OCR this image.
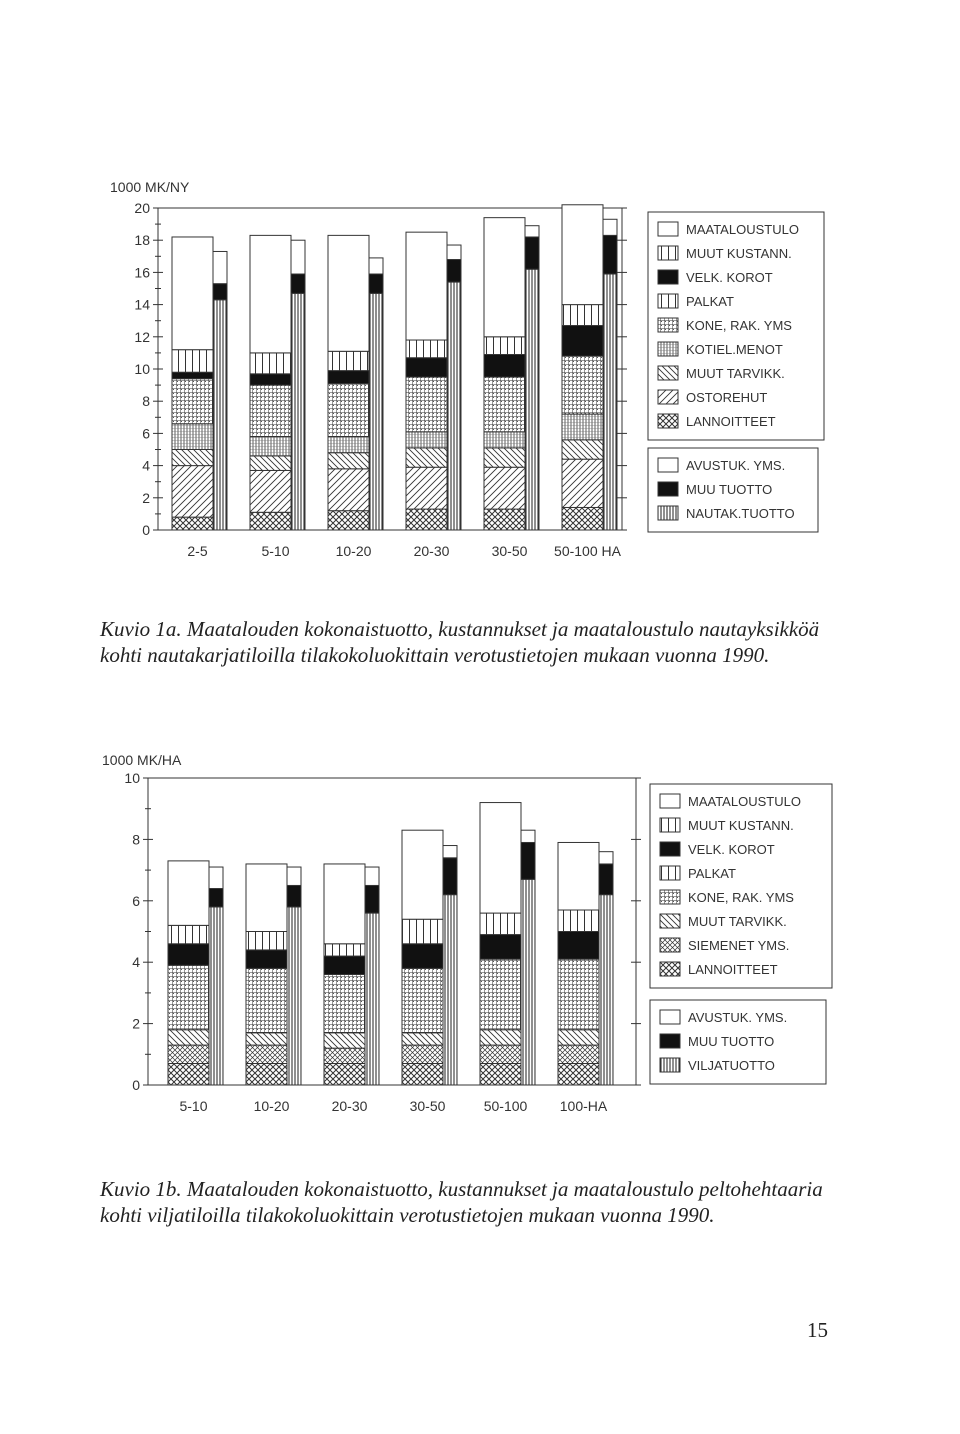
1000 MK/NY
0
2
4
6
8
10
12
14
16
18
20
2-5	5-10	10-20	20-30	30-50 50-100 HA
MAATALOUSTULO
MUUT KUSTANN.
VELK. KOROT
PALKAT
KONE, RAK. YMS
KOTIEL.MENOT
MUUT TARVIKK.
OSTOREHUT
LANNOITTEET
AVUSTUK. YMS.
MUU TUOTTO
NAUTAK.TUOTTO
Kuvio 1a. Maatalouden kokonaistuotto, kustannukset ja maataloustulo nautayksikköä kohti nautakarjatiloilla tilakokoluokittain verotustietojen mukaan vuonna 1990.
1000 MK/HA
0
2
4
6
8
10
5-10	10-20	20-30	30-50	50-100 100-HA
MAATALOUSTULO
MUUT KUSTANN.
VELK. KOROT
PALKAT
KONE, RAK. YMS
MUUT TARVIKK.
SIEMENET YMS.
LANNOITTEET
AVUSTUK. YMS.
MUU TUOTTO
VILJATUOTTO
Kuvio 1b. Maatalouden kokonaistuotto, kustannukset ja maataloustulo peltohehtaaria kohti viljatiloilla tilakokoluokittain verotustietojen mukaan vuonna 1990.
15
